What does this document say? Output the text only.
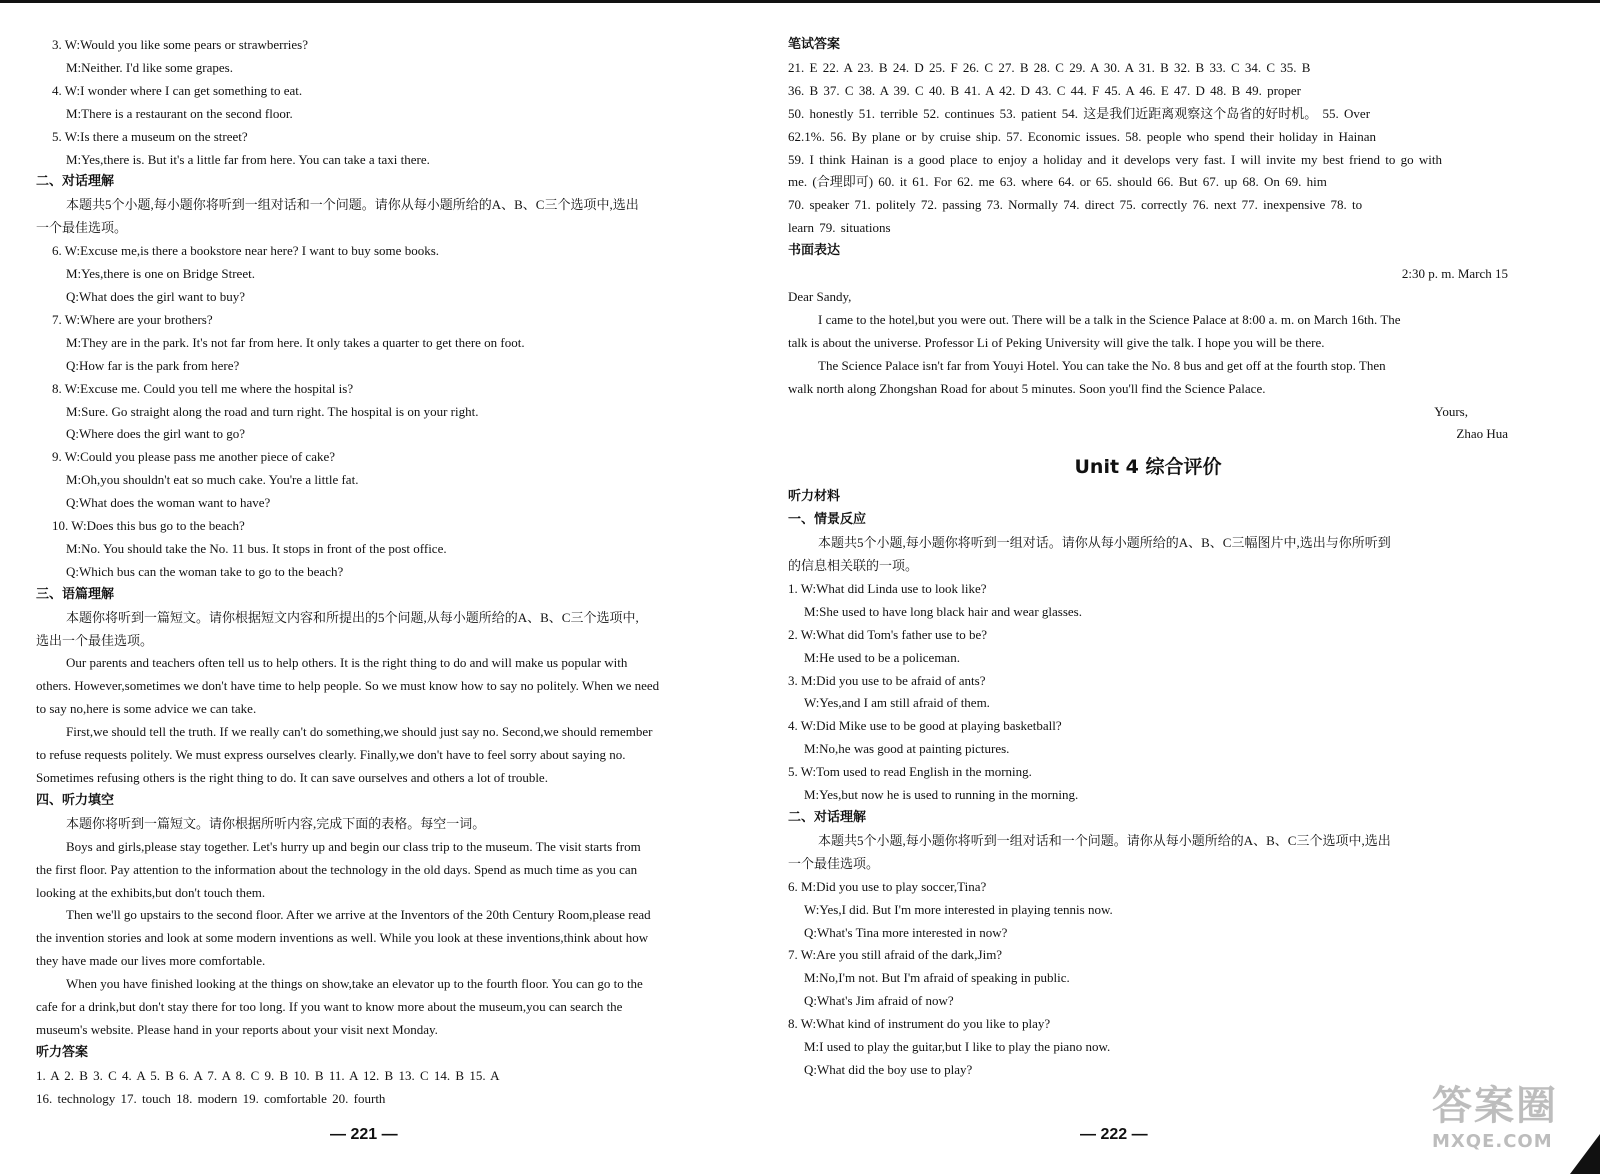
3. W:Would you like some pears or strawberries?
M:Neither. I'd like some grapes.
4. W:I wonder where I can get something to eat.
M:There is a restaurant on the second floor.
5. W:Is there a museum on the street?
M:Yes,there is. But it's a little far from here. You can take a taxi there.
二、对话理解
本题共5个小题,每小题你将听到一组对话和一个问题。请你从每小题所给的A、B、C三个选项中,选出
一个最佳选项。
6. W:Excuse me,is there a bookstore near here? I want to buy some books.
M:Yes,there is one on Bridge Street.
Q:What does the girl want to buy?
7. W:Where are your brothers?
M:They are in the park. It's not far from here. It only takes a quarter to get there on foot.
Q:How far is the park from here?
8. W:Excuse me. Could you tell me where the hospital is?
M:Sure. Go straight along the road and turn right. The hospital is on your right.
Q:Where does the girl want to go?
9. W:Could you please pass me another piece of cake?
M:Oh,you shouldn't eat so much cake. You're a little fat.
Q:What does the woman want to have?
10. W:Does this bus go to the beach?
M:No. You should take the No. 11 bus. It stops in front of the post office.
Q:Which bus can the woman take to go to the beach?
三、语篇理解
本题你将听到一篇短文。请你根据短文内容和所提出的5个问题,从每小题所给的A、B、C三个选项中,
选出一个最佳选项。
Our parents and teachers often tell us to help others. It is the right thing to do and will make us popular with
others. However,sometimes we don't have time to help people. So we must know how to say no politely. When we need
to say no,here is some advice we can take.
First,we should tell the truth. If we really can't do something,we should just say no. Second,we should remember
to refuse requests politely. We must express ourselves clearly. Finally,we don't have to feel sorry about saying no.
Sometimes refusing others is the right thing to do. It can save ourselves and others a lot of trouble.
四、听力填空
本题你将听到一篇短文。请你根据所听内容,完成下面的表格。每空一词。
Boys and girls,please stay together. Let's hurry up and begin our class trip to the museum. The visit starts from
the first floor. Pay attention to the information about the technology in the old days. Spend as much time as you can
looking at the exhibits,but don't touch them.
Then we'll go upstairs to the second floor. After we arrive at the Inventors of the 20th Century Room,please read
the invention stories and look at some modern inventions as well. While you look at these inventions,think about how
they have made our lives more comfortable.
When you have finished looking at the things on show,take an elevator up to the fourth floor. You can go to the
cafe for a drink,but don't stay there for too long. If you want to know more about the museum,you can search the
museum's website. Please hand in your reports about your visit next Monday.
听力答案
1. A 2. B 3. C 4. A 5. B 6. A 7. A 8. C 9. B 10. B 11. A 12. B 13. C 14. B 15. A
16. technology 17. touch 18. modern 19. comfortable 20. fourth
笔试答案
21. E 22. A 23. B 24. D 25. F 26. C 27. B 28. C 29. A 30. A 31. B 32. B 33. C 34. C 35. B
36. B 37. C 38. A 39. C 40. B 41. A 42. D 43. C 44. F 45. A 46. E 47. D 48. B 49. proper
50. honestly 51. terrible 52. continues 53. patient 54. 这是我们近距离观察这个岛省的好时机。 55. Over
62.1%. 56. By plane or by cruise ship. 57. Economic issues. 58. people who spend their holiday in Hainan
59. I think Hainan is a good place to enjoy a holiday and it develops very fast. I will invite my best friend to go with
me. (合理即可) 60. it 61. For 62. me 63. where 64. or 65. should 66. But 67. up 68. On 69. him
70. speaker 71. politely 72. passing 73. Normally 74. direct 75. correctly 76. next 77. inexpensive 78. to
learn 79. situations
书面表达
2:30 p. m. March 15
Dear Sandy,
I came to the hotel,but you were out. There will be a talk in the Science Palace at 8:00 a. m. on March 16th. The
talk is about the universe. Professor Li of Peking University will give the talk. I hope you will be there.
The Science Palace isn't far from Youyi Hotel. You can take the No. 8 bus and get off at the fourth stop. Then
walk north along Zhongshan Road for about 5 minutes. Soon you'll find the Science Palace.
Yours,
Zhao Hua
Unit 4 综合评价
听力材料
一、情景反应
本题共5个小题,每小题你将听到一组对话。请你从每小题所给的A、B、C三幅图片中,选出与你所听到
的信息相关联的一项。
1. W:What did Linda use to look like?
M:She used to have long black hair and wear glasses.
2. W:What did Tom's father use to be?
M:He used to be a policeman.
3. M:Did you use to be afraid of ants?
W:Yes,and I am still afraid of them.
4. W:Did Mike use to be good at playing basketball?
M:No,he was good at painting pictures.
5. W:Tom used to read English in the morning.
M:Yes,but now he is used to running in the morning.
二、对话理解
本题共5个小题,每小题你将听到一组对话和一个问题。请你从每小题所给的A、B、C三个选项中,选出
一个最佳选项。
6. M:Did you use to play soccer,Tina?
W:Yes,I did. But I'm more interested in playing tennis now.
Q:What's Tina more interested in now?
7. W:Are you still afraid of the dark,Jim?
M:No,I'm not. But I'm afraid of speaking in public.
Q:What's Jim afraid of now?
8. W:What kind of instrument do you like to play?
M:I used to play the guitar,but I like to play the piano now.
Q:What did the boy use to play?
— 221 —	— 222 —
答案圈
MXQE.COM
